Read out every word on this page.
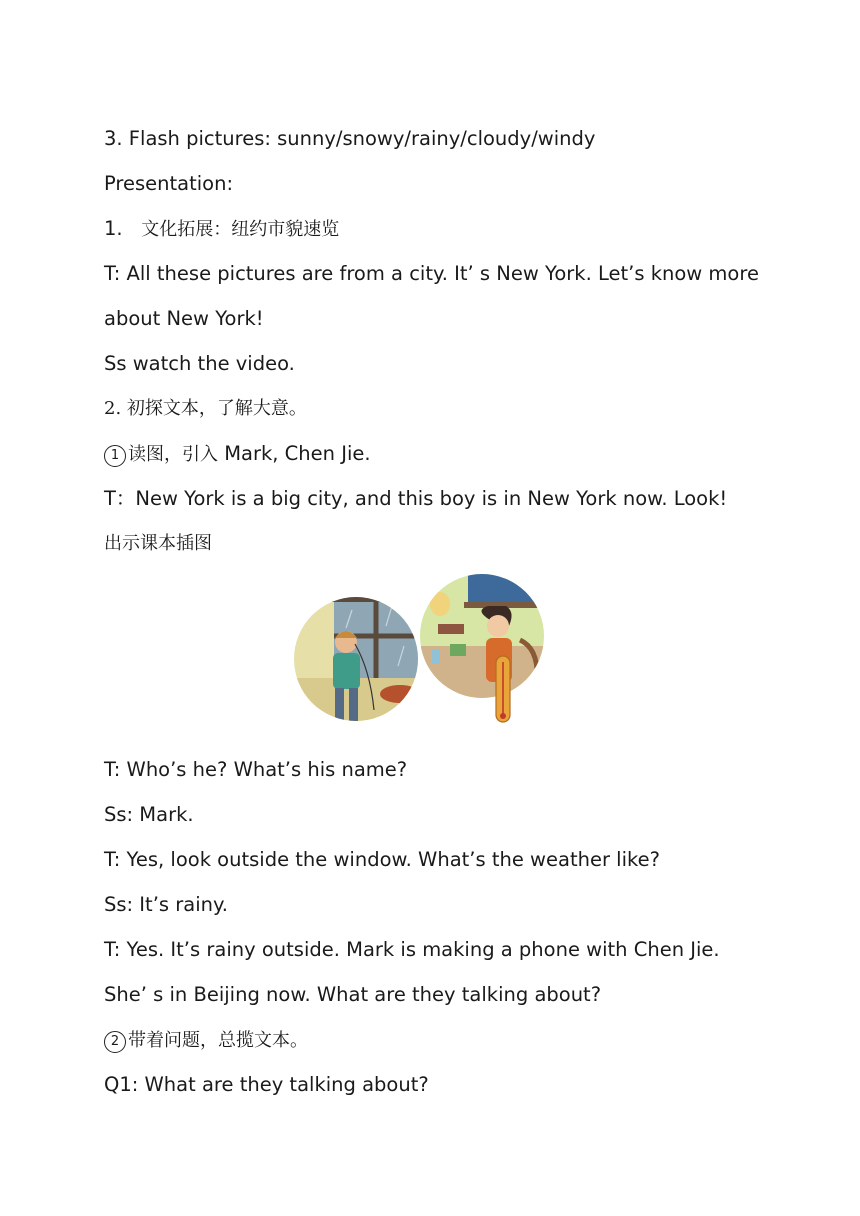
3. Flash pictures: sunny/snowy/rainy/cloudy/windy
Presentation:
1. 文化拓展：纽约市貌速览
T: All these pictures are from a city. It’ s New York. Let’s know more
about New York!
Ss watch the video.
2. 初探文本，了解大意。
1 读图，引入 Mark, Chen Jie.
T：New York is a big city, and this boy is in New York now. Look!
出示课本插图
T: Who’s he? What’s his name?
Ss: Mark.
T: Yes, look outside the window. What’s the weather like?
Ss: It’s rainy.
T: Yes. It’s rainy outside. Mark is making a phone with Chen Jie.
She’ s in Beijing now. What are they talking about?
2 带着问题，总揽文本。
Q1: What are they talking about?
